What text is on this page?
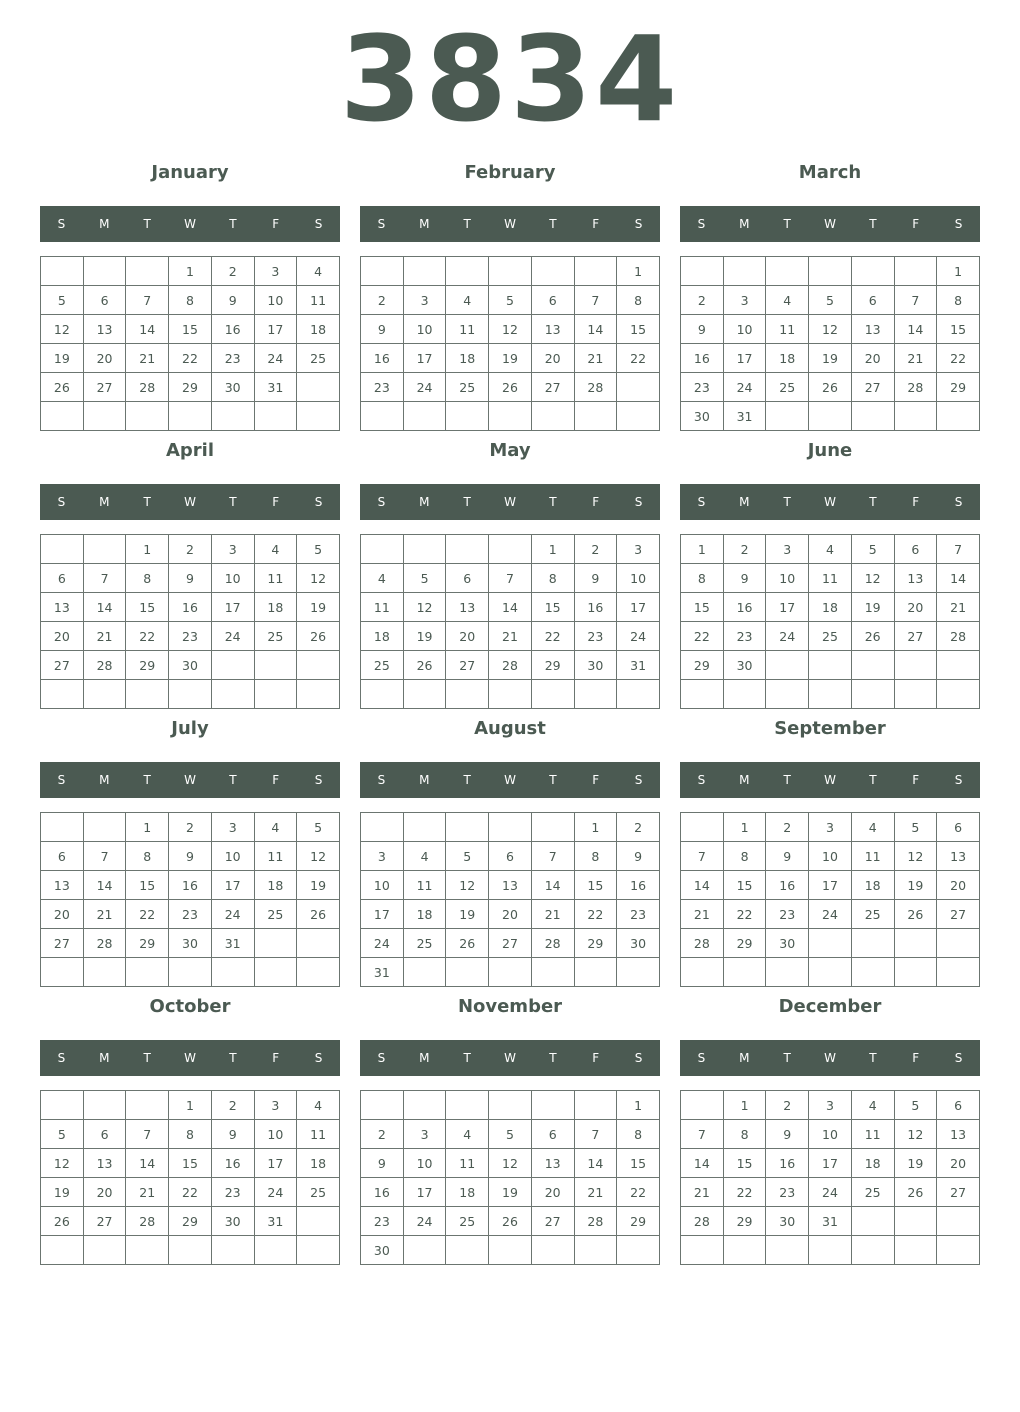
3834
January
S	M	T	W	T	F	S
			1	2	3	4
5	6	7	8	9	10	11
12	13	14	15	16	17	18
19	20	21	22	23	24	25
26	27	28	29	30	31	

February
S	M	T	W	T	F	S
						1
2	3	4	5	6	7	8
9	10	11	12	13	14	15
16	17	18	19	20	21	22
23	24	25	26	27	28	

March
S	M	T	W	T	F	S
						1
2	3	4	5	6	7	8
9	10	11	12	13	14	15
16	17	18	19	20	21	22
23	24	25	26	27	28	29
30	31					
April
S	M	T	W	T	F	S
		1	2	3	4	5
6	7	8	9	10	11	12
13	14	15	16	17	18	19
20	21	22	23	24	25	26
27	28	29	30			

May
S	M	T	W	T	F	S
				1	2	3
4	5	6	7	8	9	10
11	12	13	14	15	16	17
18	19	20	21	22	23	24
25	26	27	28	29	30	31

June
S	M	T	W	T	F	S
1	2	3	4	5	6	7
8	9	10	11	12	13	14
15	16	17	18	19	20	21
22	23	24	25	26	27	28
29	30					

July
S	M	T	W	T	F	S
		1	2	3	4	5
6	7	8	9	10	11	12
13	14	15	16	17	18	19
20	21	22	23	24	25	26
27	28	29	30	31		

August
S	M	T	W	T	F	S
					1	2
3	4	5	6	7	8	9
10	11	12	13	14	15	16
17	18	19	20	21	22	23
24	25	26	27	28	29	30
31						
September
S	M	T	W	T	F	S
	1	2	3	4	5	6
7	8	9	10	11	12	13
14	15	16	17	18	19	20
21	22	23	24	25	26	27
28	29	30				

October
S	M	T	W	T	F	S
			1	2	3	4
5	6	7	8	9	10	11
12	13	14	15	16	17	18
19	20	21	22	23	24	25
26	27	28	29	30	31	

November
S	M	T	W	T	F	S
						1
2	3	4	5	6	7	8
9	10	11	12	13	14	15
16	17	18	19	20	21	22
23	24	25	26	27	28	29
30						
December
S	M	T	W	T	F	S
	1	2	3	4	5	6
7	8	9	10	11	12	13
14	15	16	17	18	19	20
21	22	23	24	25	26	27
28	29	30	31			
